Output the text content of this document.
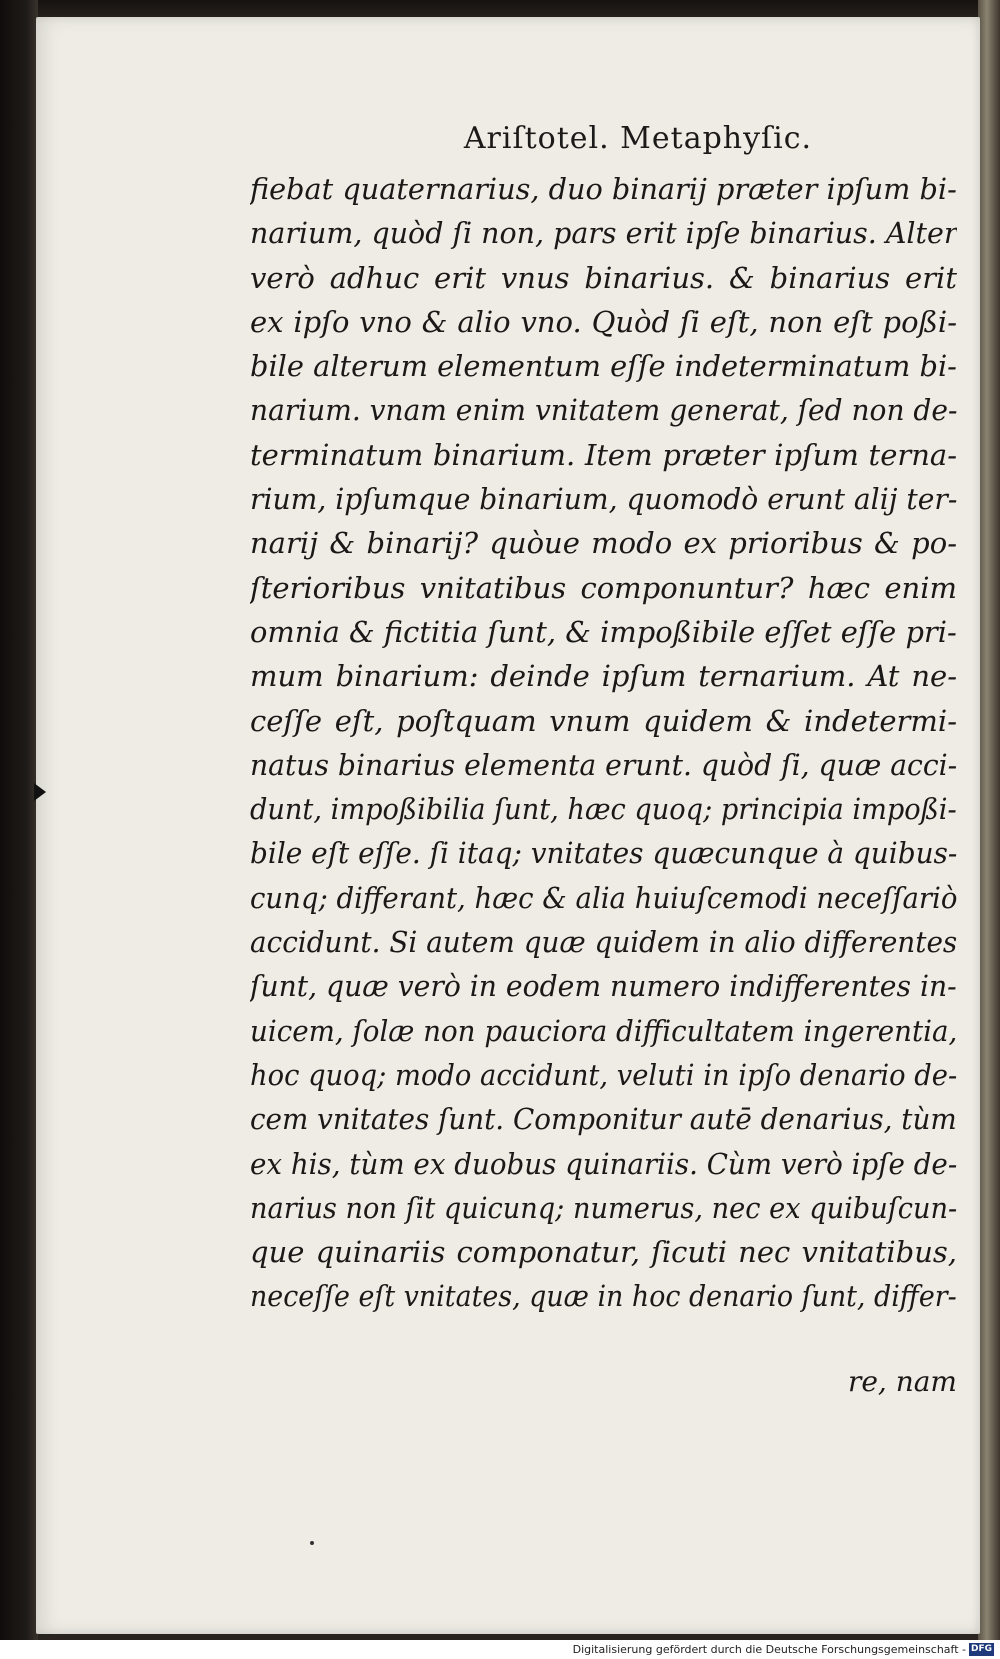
Ariſtotel. Metaphyſic.
fiebat quaternarius, duo binarij præter ipſum bi-
narium, quòd ſi non, pars erit ipſe binarius. Alter
verò adhuc erit vnus binarius. & binarius erit
ex ipſo vno & alio vno. Quòd ſi eſt, non eſt poßi-
bile alterum elementum eſſe indeterminatum bi-
narium. vnam enim vnitatem generat, ſed non de-
terminatum binarium. Item præter ipſum terna-
rium, ipſumque binarium, quomodò erunt alij ter-
narij & binarij? quòue modo ex prioribus & po-
ſterioribus vnitatibus componuntur? hæc enim
omnia & fictitia ſunt, & impoßibile eſſet eſſe pri-
mum binarium: deinde ipſum ternarium. At ne-
ceſſe eſt, poſtquam vnum quidem & indetermi-
natus binarius elementa erunt. quòd ſi, quæ acci-
dunt, impoßibilia ſunt, hæc quoq; principia impoßi-
bile eſt eſſe. ſi itaq; vnitates quæcunque à quibus-
cunq; differant, hæc & alia huiuſcemodi neceſſariò
accidunt. Si autem quæ quidem in alio differentes
ſunt, quæ verò in eodem numero indifferentes in-
uicem, ſolæ non pauciora difficultatem ingerentia,
hoc quoq; modo accidunt, veluti in ipſo denario de-
cem vnitates ſunt. Componitur autē denarius, tùm
ex his, tùm ex duobus quinariis. Cùm verò ipſe de-
narius non ſit quicunq; numerus, nec ex quibuſcun-
que quinariis componatur, ſicuti nec vnitatibus,
neceſſe eſt vnitates, quæ in hoc denario ſunt, differ-
re, nam
Digitalisierung gefördert durch die Deutsche Forschungsgemeinschaft - DFG
